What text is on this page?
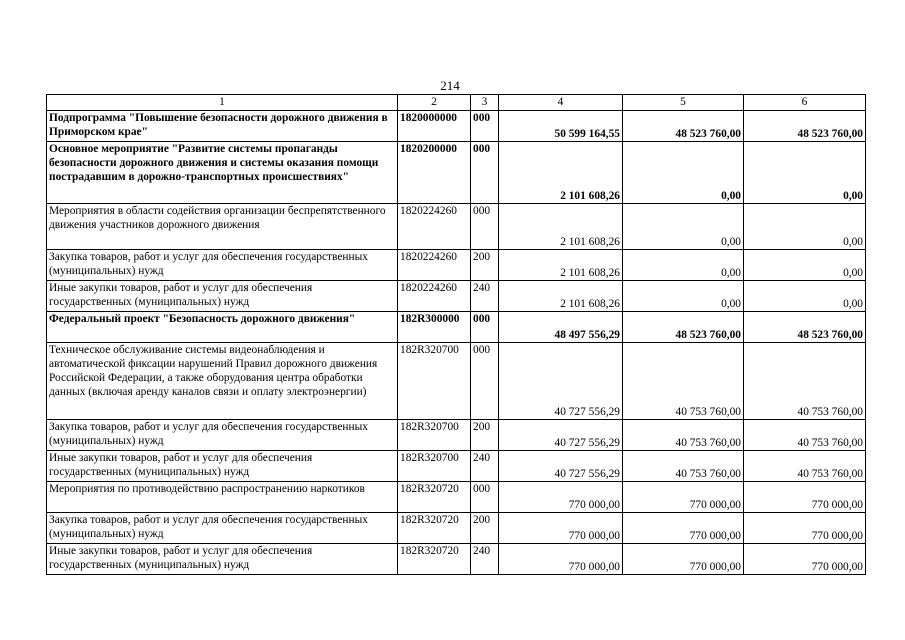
214
1	2	3	4	5	6
Подпрограмма "Повышение безопасности дорожного движения в Приморском крае"	1820000000	000	50 599 164,55	48 523 760,00	48 523 760,00
Основное мероприятие "Развитие системы пропаганды безопасности дорожного движения и системы оказания помощи пострадавшим в дорожно-транспортных происшествиях"	1820200000	000	2 101 608,26	0,00	0,00
Мероприятия в области содействия организации беспрепятственного движения участников дорожного движения	1820224260	000	2 101 608,26	0,00	0,00
Закупка товаров, работ и услуг для обеспечения государственных (муниципальных) нужд	1820224260	200	2 101 608,26	0,00	0,00
Иные закупки товаров, работ и услуг для обеспечения государственных (муниципальных) нужд	1820224260	240	2 101 608,26	0,00	0,00
Федеральный проект "Безопасность дорожного движения"	182R300000	000	48 497 556,29	48 523 760,00	48 523 760,00
Техническое обслуживание системы видеонаблюдения и автоматической фиксации нарушений Правил дорожного движения Российской Федерации, а также оборудования центра обработки данных (включая аренду каналов связи и оплату электроэнергии)	182R320700	000	40 727 556,29	40 753 760,00	40 753 760,00
Закупка товаров, работ и услуг для обеспечения государственных (муниципальных) нужд	182R320700	200	40 727 556,29	40 753 760,00	40 753 760,00
Иные закупки товаров, работ и услуг для обеспечения государственных (муниципальных) нужд	182R320700	240	40 727 556,29	40 753 760,00	40 753 760,00
Мероприятия по противодействию распространению наркотиков	182R320720	000	770 000,00	770 000,00	770 000,00
Закупка товаров, работ и услуг для обеспечения государственных (муниципальных) нужд	182R320720	200	770 000,00	770 000,00	770 000,00
Иные закупки товаров, работ и услуг для обеспечения государственных (муниципальных) нужд	182R320720	240	770 000,00	770 000,00	770 000,00
